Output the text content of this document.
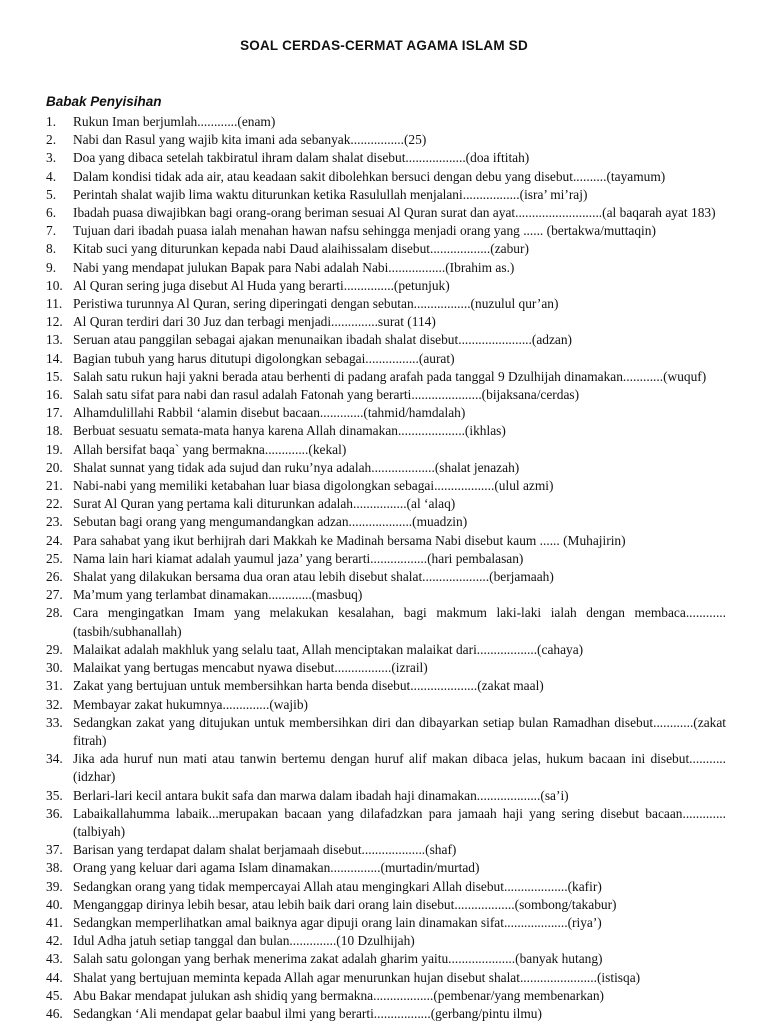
SOAL CERDAS-CERMAT AGAMA ISLAM SD
Babak Penyisihan
1.	Rukun Iman berjumlah............(enam)
2.	Nabi dan Rasul yang wajib kita imani ada sebanyak................(25)
3.	Doa yang dibaca setelah takbiratul ihram dalam shalat disebut..................(doa iftitah)
4.	Dalam kondisi tidak ada air, atau keadaan sakit dibolehkan bersuci dengan debu yang disebut..........(tayamum)
5.	Perintah shalat wajib lima waktu diturunkan ketika Rasulullah menjalani.................(isra’ mi’raj)
6.	Ibadah puasa diwajibkan bagi orang-orang beriman sesuai Al Quran surat dan ayat..........................(al baqarah ayat 183)
7.	Tujuan dari ibadah puasa ialah menahan hawan nafsu sehingga menjadi orang yang ...... (bertakwa/muttaqin)
8.	Kitab suci yang diturunkan kepada nabi Daud alaihissalam disebut..................(zabur)
9.	Nabi yang mendapat julukan Bapak para Nabi adalah Nabi.................(Ibrahim as.)
10. Al Quran sering juga disebut Al Huda yang berarti...............(petunjuk)
11. Peristiwa turunnya Al Quran, sering diperingati dengan sebutan.................(nuzulul qur’an)
12. Al Quran terdiri dari 30 Juz dan terbagi menjadi..............surat (114)
13. Seruan atau panggilan sebagai ajakan menunaikan ibadah shalat disebut......................(adzan)
14. Bagian tubuh yang harus ditutupi digolongkan sebagai................(aurat)
15. Salah satu rukun haji yakni berada atau berhenti di padang arafah pada tanggal 9 Dzulhijah dinamakan............(wuquf)
16. Salah satu sifat para nabi dan rasul adalah Fatonah yang berarti.....................(bijaksana/cerdas)
17. Alhamdulillahi Rabbil ‘alamin disebut bacaan.............(tahmid/hamdalah)
18. Berbuat sesuatu semata-mata hanya karena Allah dinamakan....................(ikhlas)
19. Allah bersifat baqa` yang bermakna.............(kekal)
20. Shalat sunnat yang tidak ada sujud dan ruku’nya adalah...................(shalat jenazah)
21. Nabi-nabi yang memiliki ketabahan luar biasa digolongkan sebagai..................(ulul azmi)
22. Surat Al Quran yang pertama kali diturunkan adalah................(al ‘alaq)
23. Sebutan bagi orang yang mengumandangkan adzan...................(muadzin)
24. Para sahabat yang ikut berhijrah dari Makkah ke Madinah bersama Nabi disebut kaum ...... (Muhajirin)
25. Nama lain hari kiamat adalah yaumul jaza’ yang berarti.................(hari pembalasan)
26. Shalat yang dilakukan bersama dua oran atau lebih disebut shalat....................(berjamaah)
27. Ma’mum yang terlambat dinamakan.............(masbuq)
28. Cara mengingatkan Imam yang melakukan kesalahan, bagi makmum laki-laki ialah dengan membaca............(tasbih/subhanallah)
29. Malaikat adalah makhluk yang selalu taat, Allah menciptakan malaikat dari..................(cahaya)
30. Malaikat yang bertugas mencabut nyawa disebut.................(izrail)
31. Zakat yang bertujuan untuk membersihkan harta benda disebut....................(zakat maal)
32. Membayar zakat hukumnya..............(wajib)
33. Sedangkan zakat yang ditujukan untuk membersihkan diri dan dibayarkan setiap bulan Ramadhan disebut............(zakat fitrah)
34. Jika ada huruf nun mati atau tanwin bertemu dengan huruf alif makan dibaca jelas, hukum bacaan ini disebut...........(idzhar)
35. Berlari-lari kecil antara bukit safa dan marwa dalam ibadah haji dinamakan...................(sa’i)
36. Labaikallahumma labaik...merupakan bacaan yang dilafadzkan para jamaah haji yang sering disebut bacaan.............(talbiyah)
37. Barisan yang terdapat dalam shalat berjamaah disebut...................(shaf)
38. Orang yang keluar dari agama Islam dinamakan...............(murtadin/murtad)
39. Sedangkan orang yang tidak mempercayai Allah atau mengingkari Allah disebut...................(kafir)
40. Menganggap dirinya lebih besar, atau lebih baik dari orang lain disebut..................(sombong/takabur)
41. Sedangkan memperlihatkan amal baiknya agar dipuji orang lain dinamakan sifat...................(riya’)
42. Idul Adha jatuh setiap tanggal dan bulan..............(10 Dzulhijah)
43. Salah satu golongan yang berhak menerima zakat adalah gharim yaitu....................(banyak hutang)
44. Shalat yang bertujuan meminta kepada Allah agar menurunkan hujan disebut shalat.......................(istisqa)
45. Abu Bakar mendapat julukan ash shidiq yang bermakna..................(pembenar/yang membenarkan)
46. Sedangkan ‘Ali mendapat gelar baabul ilmi yang berarti.................(gerbang/pintu ilmu)
